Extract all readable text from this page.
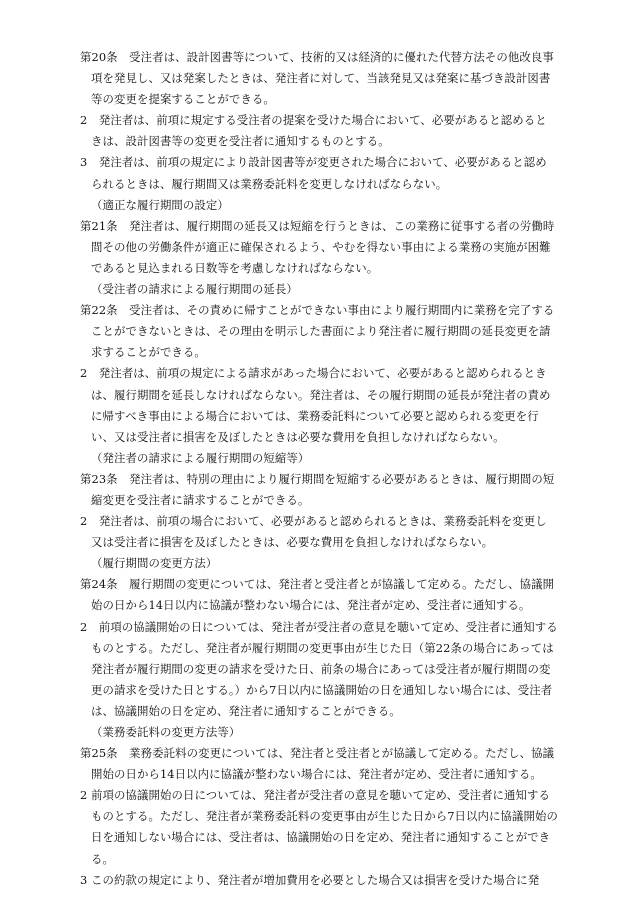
第20条　受注者は、設計図書等について、技術的又は経済的に優れた代替方法その他改良事項を発見し、又は発案したときは、発注者に対して、当該発見又は発案に基づき設計図書等の変更を提案することができる。

2　発注者は、前項に規定する受注者の提案を受けた場合において、必要があると認めるときは、設計図書等の変更を受注者に通知するものとする。

3　発注者は、前項の規定により設計図書等が変更された場合において、必要があると認められるときは、履行期間又は業務委託料を変更しなければならない。

（適正な履行期間の設定）

第21条　発注者は、履行期間の延長又は短縮を行うときは、この業務に従事する者の労働時間その他の労働条件が適正に確保されるよう、やむを得ない事由による業務の実施が困難であると見込まれる日数等を考慮しなければならない。

（受注者の請求による履行期間の延長）

第22条　受注者は、その責めに帰すことができない事由により履行期間内に業務を完了することができないときは、その理由を明示した書面により発注者に履行期間の延長変更を請求することができる。

2　発注者は、前項の規定による請求があった場合において、必要があると認められるときは、履行期間を延長しなければならない。発注者は、その履行期間の延長が発注者の責めに帰すべき事由による場合においては、業務委託料について必要と認められる変更を行い、又は受注者に損害を及ぼしたときは必要な費用を負担しなければならない。

（発注者の請求による履行期間の短縮等）

第23条　発注者は、特別の理由により履行期間を短縮する必要があるときは、履行期間の短縮変更を受注者に請求することができる。

2　発注者は、前項の場合において、必要があると認められるときは、業務委託料を変更し又は受注者に損害を及ぼしたときは、必要な費用を負担しなければならない。

（履行期間の変更方法）

第24条　履行期間の変更については、発注者と受注者とが協議して定める。ただし、協議開始の日から14日以内に協議が整わない場合には、発注者が定め、受注者に通知する。

2　前項の協議開始の日については、発注者が受注者の意見を聴いて定め、受注者に通知するものとする。ただし、発注者が履行期間の変更事由が生じた日（第22条の場合にあっては発注者が履行期間の変更の請求を受けた日、前条の場合にあっては受注者が履行期間の変更の請求を受けた日とする。）から7日以内に協議開始の日を通知しない場合には、受注者は、協議開始の日を定め、発注者に通知することができる。

（業務委託料の変更方法等）

第25条　業務委託料の変更については、発注者と受注者とが協議して定める。ただし、協議開始の日から14日以内に協議が整わない場合には、発注者が定め、受注者に通知する。

2 前項の協議開始の日については、発注者が受注者の意見を聴いて定め、受注者に通知するものとする。ただし、発注者が業務委託料の変更事由が生じた日から7日以内に協議開始の日を通知しない場合には、受注者は、協議開始の日を定め、発注者に通知することができる。

3 この約款の規定により、発注者が増加費用を必要とした場合又は損害を受けた場合に発
